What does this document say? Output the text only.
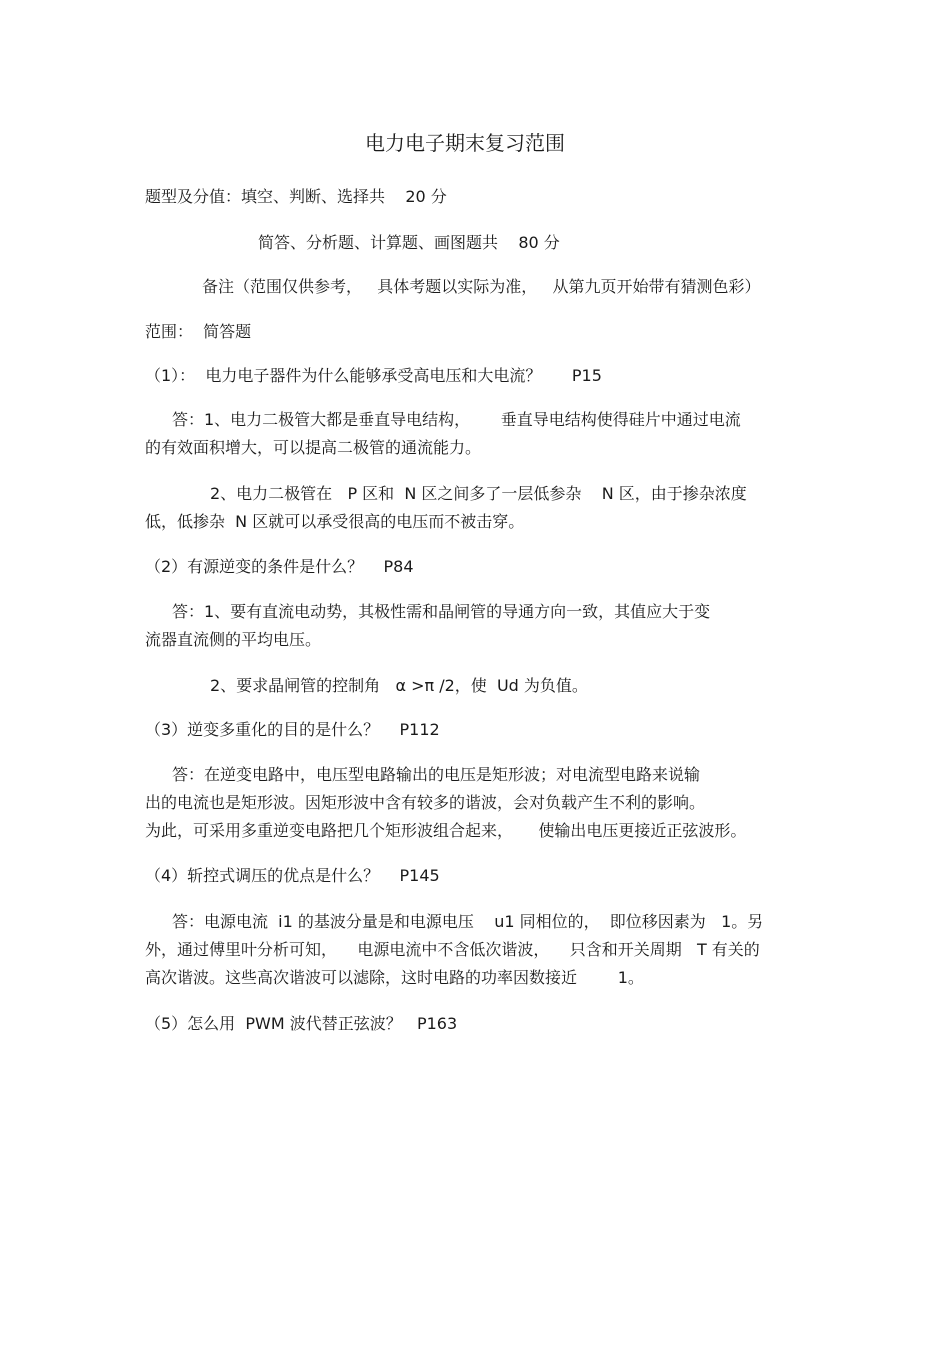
电力电子期末复习范围
题型及分值：填空、判断、选择共    20 分
简答、分析题、计算题、画图题共    80 分
备注（范围仅供参考，   具体考题以实际为准，   从第九页开始带有猜测色彩）
范围：  简答题
（1）：  电力电子器件为什么能够承受高电压和大电流？      P15
答：1、电力二极管大都是垂直导电结构，      垂直导电结构使得硅片中通过电流
的有效面积增大，可以提高二极管的通流能力。
2、电力二极管在   P 区和  N 区之间多了一层低参杂    N 区，由于掺杂浓度
低，低掺杂  N 区就可以承受很高的电压而不被击穿。
（2）有源逆变的条件是什么？    P84
答：1、要有直流电动势，其极性需和晶闸管的导通方向一致，其值应大于变
流器直流侧的平均电压。
2、要求晶闸管的控制角   α >π /2，使  Ud 为负值。
（3）逆变多重化的目的是什么？    P112
答：在逆变电路中，电压型电路输出的电压是矩形波；对电流型电路来说输
出的电流也是矩形波。因矩形波中含有较多的谐波，会对负载产生不利的影响。
为此，可采用多重逆变电路把几个矩形波组合起来，     使输出电压更接近正弦波形。
（4）斩控式调压的优点是什么？    P145
答：电源电流  i1 的基波分量是和电源电压    u1 同相位的，  即位移因素为   1。另
外，通过傅里叶分析可知，    电源电流中不含低次谐波，    只含和开关周期   T 有关的
高次谐波。这些高次谐波可以滤除，这时电路的功率因数接近        1。
（5）怎么用  PWM 波代替正弦波？   P163
